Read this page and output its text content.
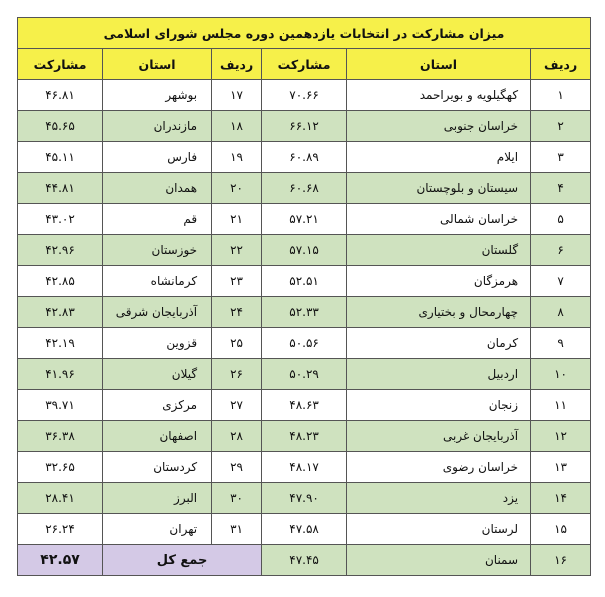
میزان مشارکت در انتخابات یازدهمین دوره مجلس شورای اسلامی					
ردیف	استان	مشارکت	ردیف	استان	مشارکت
۱	کهگیلویه و بویراحمد	۷۰.۶۶	۱۷	بوشهر	۴۶.۸۱
۲	خراسان جنوبی	۶۶.۱۲	۱۸	مازندران	۴۵.۶۵
۳	ایلام	۶۰.۸۹	۱۹	فارس	۴۵.۱۱
۴	سیستان و بلوچستان	۶۰.۶۸	۲۰	همدان	۴۴.۸۱
۵	خراسان شمالی	۵۷.۲۱	۲۱	قم	۴۳.۰۲
۶	گلستان	۵۷.۱۵	۲۲	خوزستان	۴۲.۹۶
۷	هرمزگان	۵۲.۵۱	۲۳	کرمانشاه	۴۲.۸۵
۸	چهارمحال و بختیاری	۵۲.۳۳	۲۴	آذربایجان شرقی	۴۲.۸۳
۹	کرمان	۵۰.۵۶	۲۵	قزوین	۴۲.۱۹
۱۰	اردبیل	۵۰.۲۹	۲۶	گیلان	۴۱.۹۶
۱۱	زنجان	۴۸.۶۳	۲۷	مرکزی	۳۹.۷۱
۱۲	آذربایجان غربی	۴۸.۲۳	۲۸	اصفهان	۳۶.۳۸
۱۳	خراسان رضوی	۴۸.۱۷	۲۹	کردستان	۳۲.۶۵
۱۴	یزد	۴۷.۹۰	۳۰	البرز	۲۸.۴۱
۱۵	لرستان	۴۷.۵۸	۳۱	تهران	۲۶.۲۴
۱۶	سمنان	۴۷.۴۵	جمع کل		۴۲.۵۷
